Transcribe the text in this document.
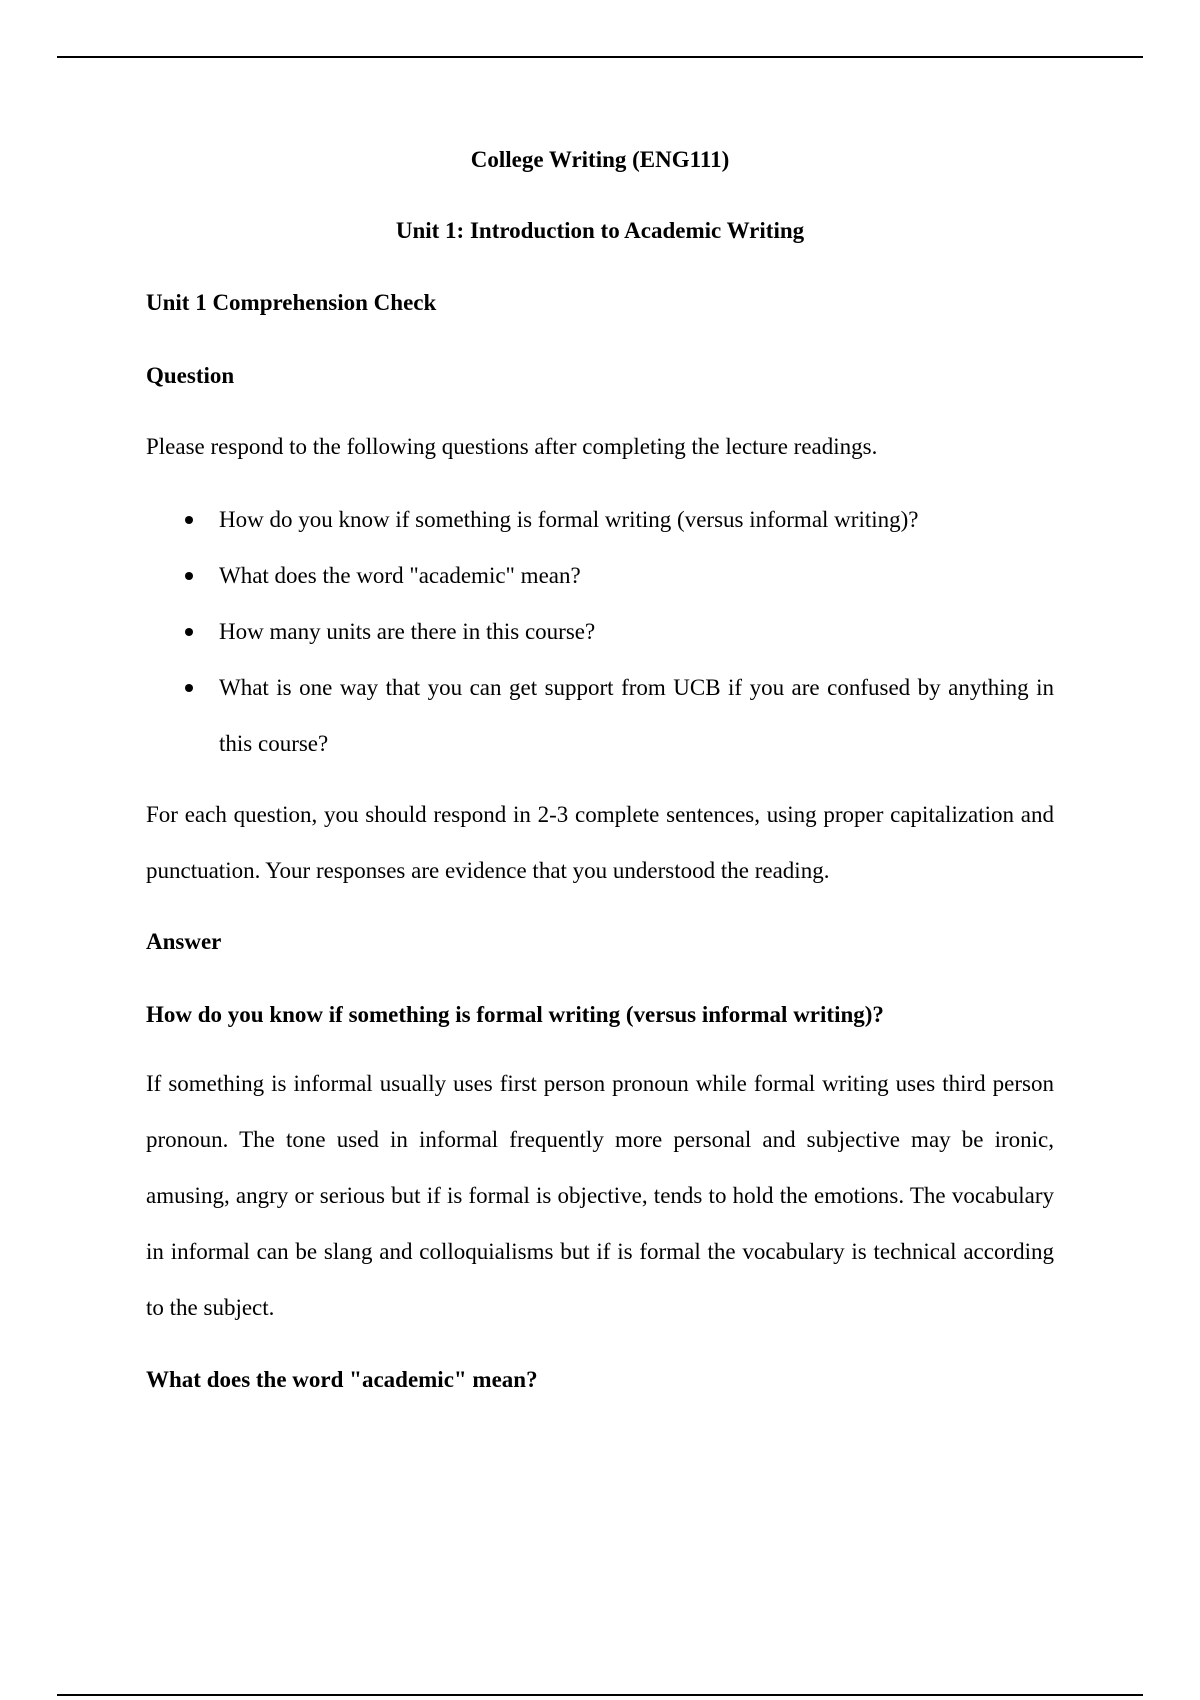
College Writing (ENG111)
Unit 1: Introduction to Academic Writing
Unit 1 Comprehension Check
Question

Please respond to the following questions after completing the lecture readings.

How do you know if something is formal writing (versus informal writing)?
What does the word "academic" mean?
How many units are there in this course?
What is one way that you can get support from UCB if you are confused by anything in this course?

For each question, you should respond in 2-3 complete sentences, using proper capitalization and punctuation. Your responses are evidence that you understood the reading.

Answer
How do you know if something is formal writing (versus informal writing)?

If something is informal usually uses first person pronoun while formal writing uses third person pronoun. The tone used in informal frequently more personal and subjective may be ironic, amusing, angry or serious but if is formal is objective, tends to hold the emotions. The vocabulary in informal can be slang and colloquialisms but if is formal the vocabulary is technical according to the subject.

What does the word "academic" mean?
